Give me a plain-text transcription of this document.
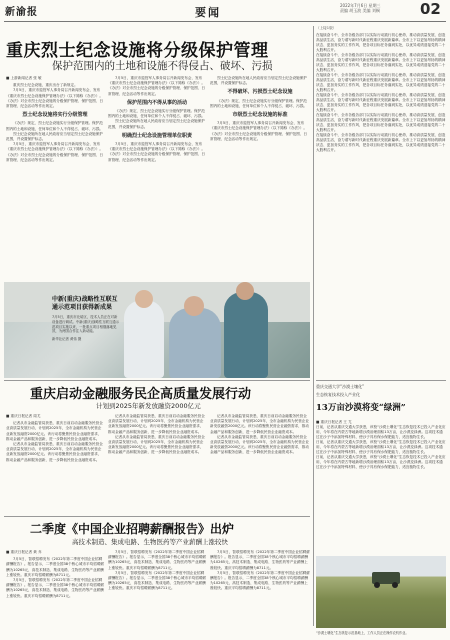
新渝报	要闻
2022年7月6日 星期三
责编 胡玉波 美编 刘桐	02
重庆烈士纪念设施将分级保护管理
保护范围内的土地和设施不得侵占、破坏、污损

■ 上游新闻记者 张 敏

重庆烈士纪念设施，重庆出台了新规定。

7月5日，重庆市退役军人事务局召开新闻发布会，发布《重庆市烈士纪念设施保护管理办法》（以下简称《办法》）。《办法》对全市烈士纪念设施的分级保护管理、保护范围、日常管理、纪念活动等作出规定。

烈士纪念设施将实行分级管理

《办法》规定，烈士纪念设施实行分级保护管理。保护范围内的土地和设施，任何单位和个人不得侵占、破坏、污损。

烈士纪念设施所在地人民政府应当划定烈士纪念设施保护范围，并设置保护标志。

7月5日，重庆市退役军人事务局召开新闻发布会，发布《重庆市烈士纪念设施保护管理办法》（以下简称《办法》）。《办法》对全市烈士纪念设施的分级保护管理、保护范围、日常管理、纪念活动等作出规定。

7月5日，重庆市退役军人事务局召开新闻发布会，发布《重庆市烈士纪念设施保护管理办法》（以下简称《办法》）。《办法》对全市烈士纪念设施的分级保护管理、保护范围、日常管理、纪念活动等作出规定。

保护范围内不得从事的活动

《办法》规定，烈士纪念设施实行分级保护管理。保护范围内的土地和设施，任何单位和个人不得侵占、破坏、污损。

烈士纪念设施所在地人民政府应当划定烈士纪念设施保护范围，并设置保护标志。

明确烈士纪念设施管理单位职责

7月5日，重庆市退役军人事务局召开新闻发布会，发布《重庆市烈士纪念设施保护管理办法》（以下简称《办法》）。《办法》对全市烈士纪念设施的分级保护管理、保护范围、日常管理、纪念活动等作出规定。

烈士纪念设施所在地人民政府应当划定烈士纪念设施保护范围，并设置保护标志。

不得破坏、污损烈士纪念设施

《办法》规定，烈士纪念设施实行分级保护管理。保护范围内的土地和设施，任何单位和个人不得侵占、破坏、污损。

市级烈士纪念设施的标准

7月5日，重庆市退役军人事务局召开新闻发布会，发布《重庆市烈士纪念设施保护管理办法》（以下简称《办法》）。《办法》对全市烈士纪念设施的分级保护管理、保护范围、日常管理、纪念活动等作出规定。

（上接1版）

在接续奋斗中，全市各级各部门以实际行动践行初心使命，推动高质量发展、创造高品质生活，奋力谱写新时代新征程重庆发展新篇章。全市上下以更加昂扬的精神状态、更加务实的工作作风，把各项目标任务落到实处，以优异成绩迎接党的二十大胜利召开。

在接续奋斗中，全市各级各部门以实际行动践行初心使命，推动高质量发展、创造高品质生活，奋力谱写新时代新征程重庆发展新篇章。全市上下以更加昂扬的精神状态、更加务实的工作作风，把各项目标任务落到实处，以优异成绩迎接党的二十大胜利召开。

在接续奋斗中，全市各级各部门以实际行动践行初心使命，推动高质量发展、创造高品质生活，奋力谱写新时代新征程重庆发展新篇章。全市上下以更加昂扬的精神状态、更加务实的工作作风，把各项目标任务落到实处，以优异成绩迎接党的二十大胜利召开。

在接续奋斗中，全市各级各部门以实际行动践行初心使命，推动高质量发展、创造高品质生活，奋力谱写新时代新征程重庆发展新篇章。全市上下以更加昂扬的精神状态、更加务实的工作作风，把各项目标任务落到实处，以优异成绩迎接党的二十大胜利召开。

在接续奋斗中，全市各级各部门以实际行动践行初心使命，推动高质量发展、创造高品质生活，奋力谱写新时代新征程重庆发展新篇章。全市上下以更加昂扬的精神状态、更加务实的工作作风，把各项目标任务落到实处，以优异成绩迎接党的二十大胜利召开。

在接续奋斗中，全市各级各部门以实际行动践行初心使命，推动高质量发展、创造高品质生活，奋力谱写新时代新征程重庆发展新篇章。全市上下以更加昂扬的精神状态、更加务实的工作作风，把各项目标任务落到实处，以优异成绩迎接党的二十大胜利召开。

中新(重庆)战略性互联互通示范项目获得新成果
7月5日，重庆市北碚区，技术人员正在对新设备进行调试。中新(重庆)战略性互联互通示范项目实施以来，一批重点项目相继落地见效，为两国合作注入新动能。
新华社记者 黄伟 摄
重庆交通大学“沙漠土壤化”
生态恢复技术投入产业化
13万亩沙漠将变“绿洲”

■ 重庆日报记者 王 尤

日前，记者从重庆交通大学获悉，该校“沙漠土壤化”生态恢复技术已投入产业化应用，今年将在内蒙古等地新增沙漠治理面积13万亩，让沙漠变绿洲。这项技术通过在沙子中添加特殊材料，使沙子具有保水保肥能力，适宜植物生长。

日前，记者从重庆交通大学获悉，该校“沙漠土壤化”生态恢复技术已投入产业化应用，今年将在内蒙古等地新增沙漠治理面积13万亩，让沙漠变绿洲。这项技术通过在沙子中添加特殊材料，使沙子具有保水保肥能力，适宜植物生长。

日前，记者从重庆交通大学获悉，该校“沙漠土壤化”生态恢复技术已投入产业化应用，今年将在内蒙古等地新增沙漠治理面积13万亩，让沙漠变绿洲。这项技术通过在沙子中添加特殊材料，使沙子具有保水保肥能力，适宜植物生长。

“沙漠土壤化”生态恢复示范基地上，工作人员正在操作农机作业。
重庆启动金融服务民企高质量发展行动
计划到2025年新发放融资2000亿元

■ 重庆日报记者 周尤

记者从市金融监管局获悉，重庆日前启动金融服务民营企业高质量发展行动，计划到2025年，全市金融机构为民营企业新发放融资2000亿元。该行动将聚焦民营企业融资需求，推动金融产品和服务创新，进一步降低民营企业融资成本。

记者从市金融监管局获悉，重庆日前启动金融服务民营企业高质量发展行动，计划到2025年，全市金融机构为民营企业新发放融资2000亿元。该行动将聚焦民营企业融资需求，推动金融产品和服务创新，进一步降低民营企业融资成本。

记者从市金融监管局获悉，重庆日前启动金融服务民营企业高质量发展行动，计划到2025年，全市金融机构为民营企业新发放融资2000亿元。该行动将聚焦民营企业融资需求，推动金融产品和服务创新，进一步降低民营企业融资成本。

记者从市金融监管局获悉，重庆日前启动金融服务民营企业高质量发展行动，计划到2025年，全市金融机构为民营企业新发放融资2000亿元。该行动将聚焦民营企业融资需求，推动金融产品和服务创新，进一步降低民营企业融资成本。

记者从市金融监管局获悉，重庆日前启动金融服务民营企业高质量发展行动，计划到2025年，全市金融机构为民营企业新发放融资2000亿元。该行动将聚焦民营企业融资需求，推动金融产品和服务创新，进一步降低民营企业融资成本。

记者从市金融监管局获悉，重庆日前启动金融服务民营企业高质量发展行动，计划到2025年，全市金融机构为民营企业新发放融资2000亿元。该行动将聚焦民营企业融资需求，推动金融产品和服务创新，进一步降低民营企业融资成本。

二季度《中国企业招聘薪酬报告》出炉
高技术制造、集成电路、生物医药等产业薪酬上涨较快

■ 重庆日报记者 黄 乔

7月5日，智联招聘发布《2022年第二季度中国企业招聘薪酬报告》。报告显示，二季度全国38个核心城市平均招聘薪酬为10265元，高技术制造、集成电路、生物医药等产业薪酬上涨较快。重庆平均招聘薪酬为8711元。

7月5日，智联招聘发布《2022年第二季度中国企业招聘薪酬报告》。报告显示，二季度全国38个核心城市平均招聘薪酬为10265元，高技术制造、集成电路、生物医药等产业薪酬上涨较快。重庆平均招聘薪酬为8711元。

7月5日，智联招聘发布《2022年第二季度中国企业招聘薪酬报告》。报告显示，二季度全国38个核心城市平均招聘薪酬为10265元，高技术制造、集成电路、生物医药等产业薪酬上涨较快。重庆平均招聘薪酬为8711元。

7月5日，智联招聘发布《2022年第二季度中国企业招聘薪酬报告》。报告显示，二季度全国38个核心城市平均招聘薪酬为10265元，高技术制造、集成电路、生物医药等产业薪酬上涨较快。重庆平均招聘薪酬为8711元。

7月5日，智联招聘发布《2022年第二季度中国企业招聘薪酬报告》。报告显示，二季度全国38个核心城市平均招聘薪酬为10265元，高技术制造、集成电路、生物医药等产业薪酬上涨较快。重庆平均招聘薪酬为8711元。

7月5日，智联招聘发布《2022年第二季度中国企业招聘薪酬报告》。报告显示，二季度全国38个核心城市平均招聘薪酬为10265元，高技术制造、集成电路、生物医药等产业薪酬上涨较快。重庆平均招聘薪酬为8711元。
